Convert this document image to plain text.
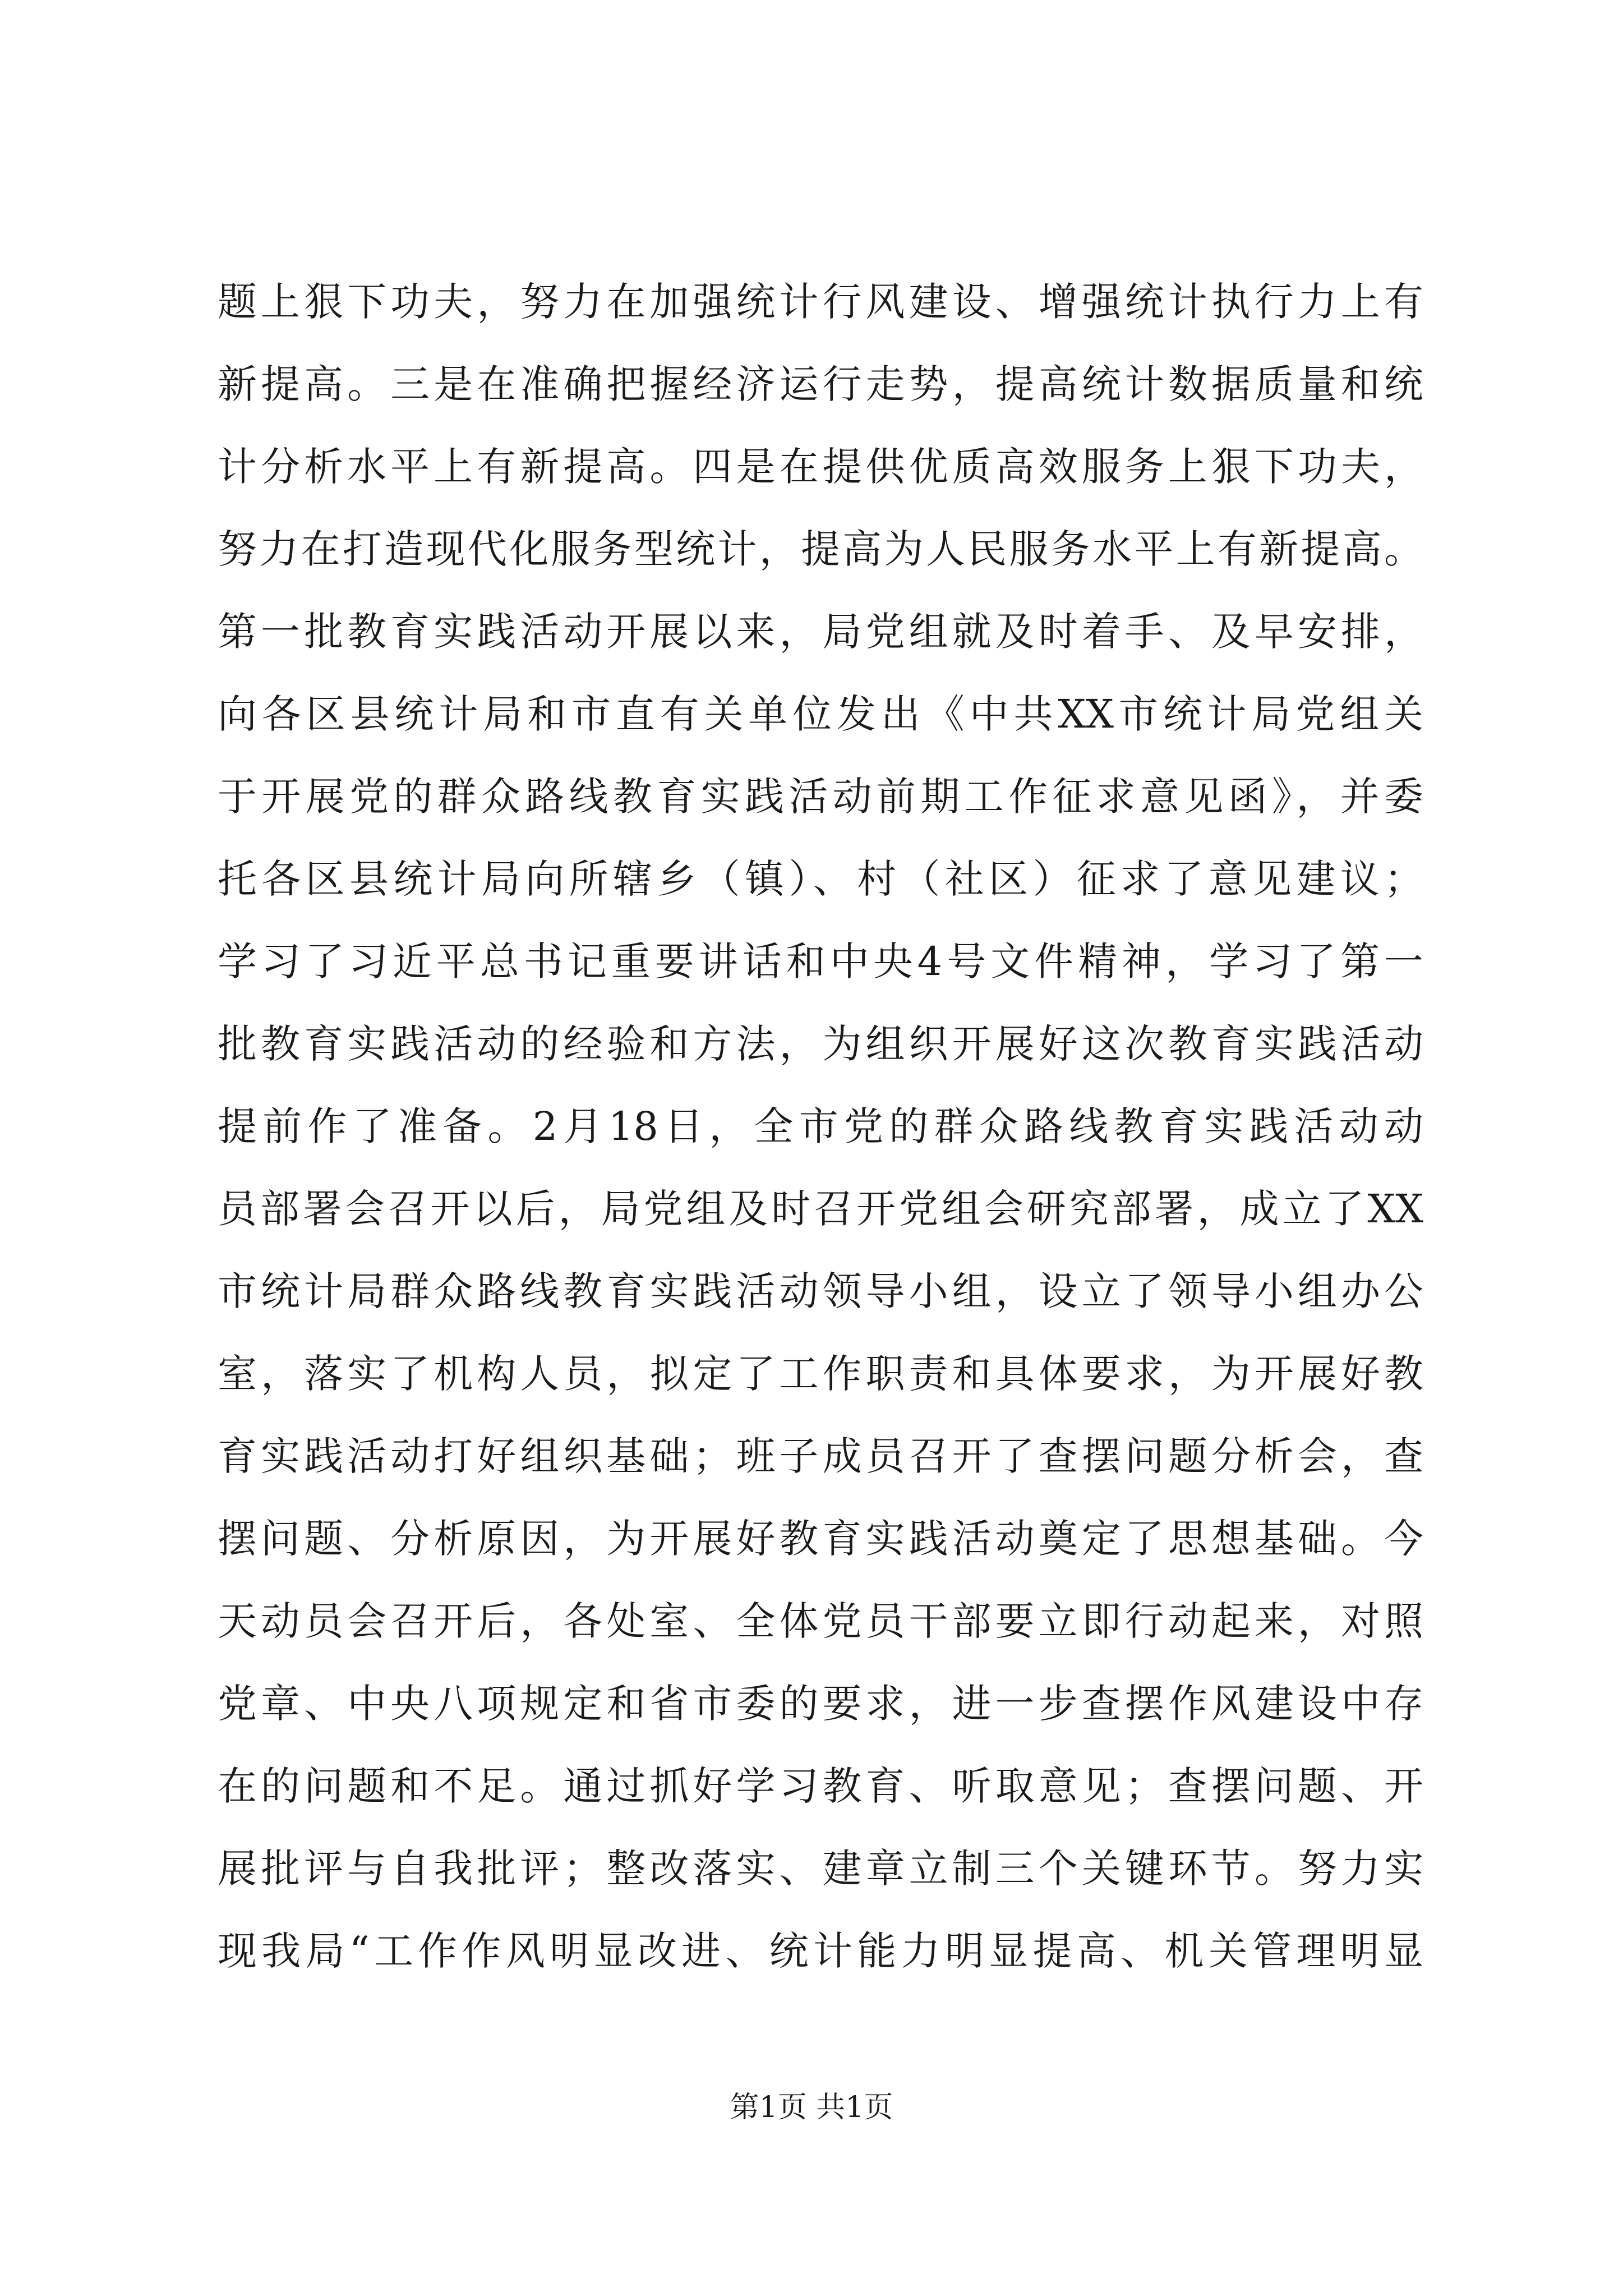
题上狠下功夫，努力在加强统计行风建设、增强统计执行力上有
新提高。三是在准确把握经济运行走势，提高统计数据质量和统
计分析水平上有新提高。四是在提供优质高效服务上狠下功夫，
努力在打造现代化服务型统计，提高为人民服务水平上有新提高。
第一批教育实践活动开展以来，局党组就及时着手、及早安排，
向各区县统计局和市直有关单位发出《中共XX市统计局党组关
于开展党的群众路线教育实践活动前期工作征求意见函》，并委
托各区县统计局向所辖乡（镇）、村（社区）征求了意见建议；
学习了习近平总书记重要讲话和中央4号文件精神，学习了第一
批教育实践活动的经验和方法，为组织开展好这次教育实践活动
提前作了准备。2月18日，全市党的群众路线教育实践活动动
员部署会召开以后，局党组及时召开党组会研究部署，成立了XX
市统计局群众路线教育实践活动领导小组，设立了领导小组办公
室，落实了机构人员，拟定了工作职责和具体要求，为开展好教
育实践活动打好组织基础；班子成员召开了查摆问题分析会，查
摆问题、分析原因，为开展好教育实践活动奠定了思想基础。今
天动员会召开后，各处室、全体党员干部要立即行动起来，对照
党章、中央八项规定和省市委的要求，进一步查摆作风建设中存
在的问题和不足。通过抓好学习教育、听取意见；查摆问题、开
展批评与自我批评；整改落实、建章立制三个关键环节。努力实
现我局“工作作风明显改进、统计能力明显提高、机关管理明显
第1页 共1页
